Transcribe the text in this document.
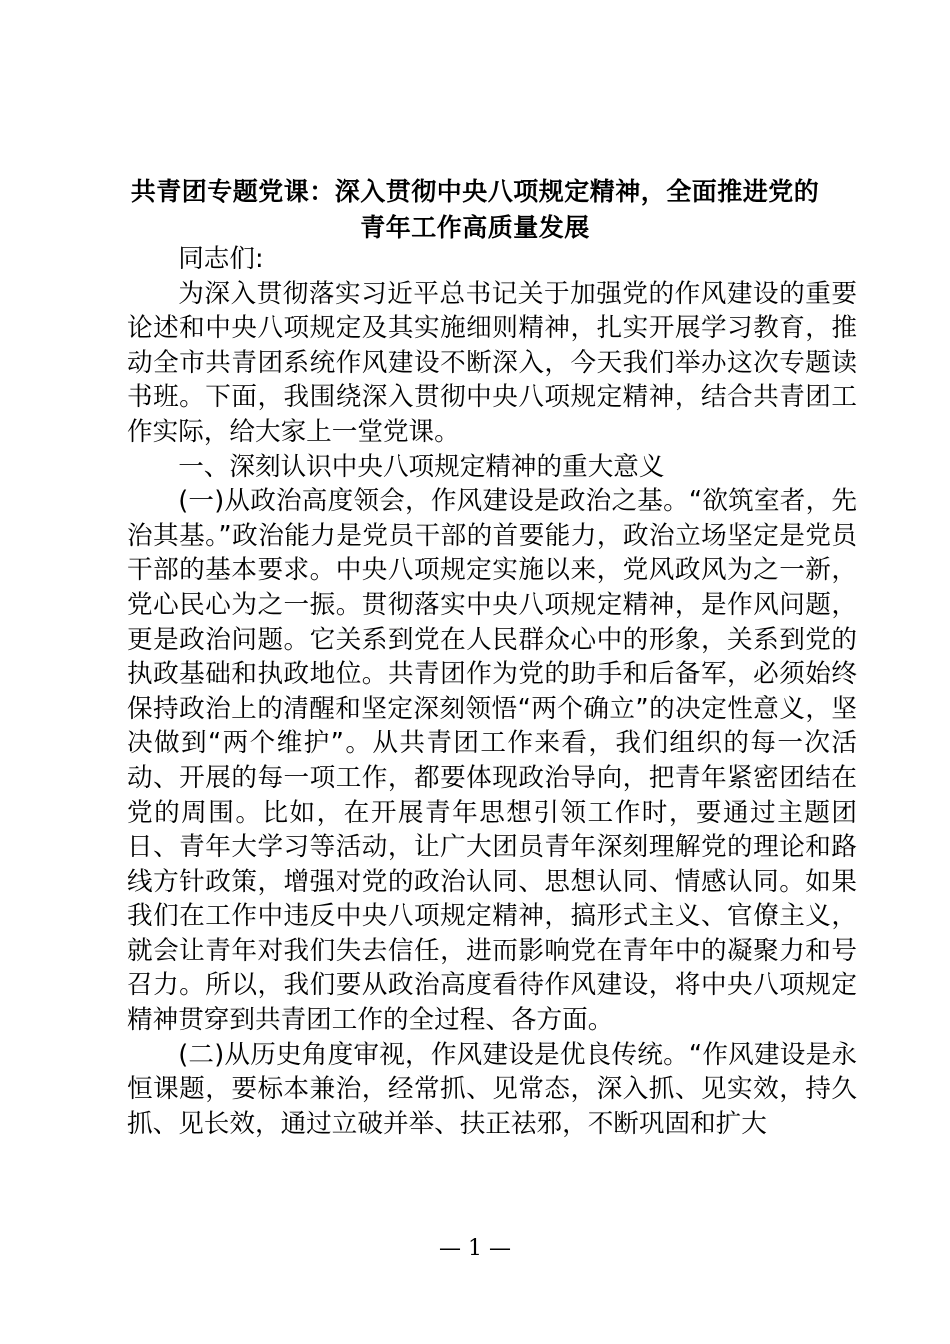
共青团专题党课：深入贯彻中央八项规定精神，全面推进党的
青年工作高质量发展

同志们:

为深入贯彻落实习近平总书记关于加强党的作风建设的重要论述和中央八项规定及其实施细则精神，扎实开展学习教育，推动全市共青团系统作风建设不断深入，今天我们举办这次专题读书班。下面，我围绕深入贯彻中央八项规定精神，结合共青团工作实际，给大家上一堂党课。

一、深刻认识中央八项规定精神的重大意义

(一)从政治高度领会，作风建设是政治之基。“欲筑室者，先治其基。”政治能力是党员干部的首要能力，政治立场坚定是党员干部的基本要求。中央八项规定实施以来，党风政风为之一新，党心民心为之一振。贯彻落实中央八项规定精神，是作风问题，更是政治问题。它关系到党在人民群众心中的形象，关系到党的执政基础和执政地位。共青团作为党的助手和后备军，必须始终保持政治上的清醒和坚定深刻领悟“两个确立”的决定性意义，坚决做到“两个维护”。从共青团工作来看，我们组织的每一次活动、开展的每一项工作，都要体现政治导向，把青年紧密团结在党的周围。比如，在开展青年思想引领工作时，要通过主题团日、青年大学习等活动，让广大团员青年深刻理解党的理论和路线方针政策，增强对党的政治认同、思想认同、情感认同。如果我们在工作中违反中央八项规定精神，搞形式主义、官僚主义，就会让青年对我们失去信任，进而影响党在青年中的凝聚力和号召力。所以，我们要从政治高度看待作风建设，将中央八项规定精神贯穿到共青团工作的全过程、各方面。

(二)从历史角度审视，作风建设是优良传统。“作风建设是永恒课题，要标本兼治，经常抓、见常态，深入抓、见实效，持久抓、见长效，通过立破并举、扶正祛邪，不断巩固和扩大

— 1 —
